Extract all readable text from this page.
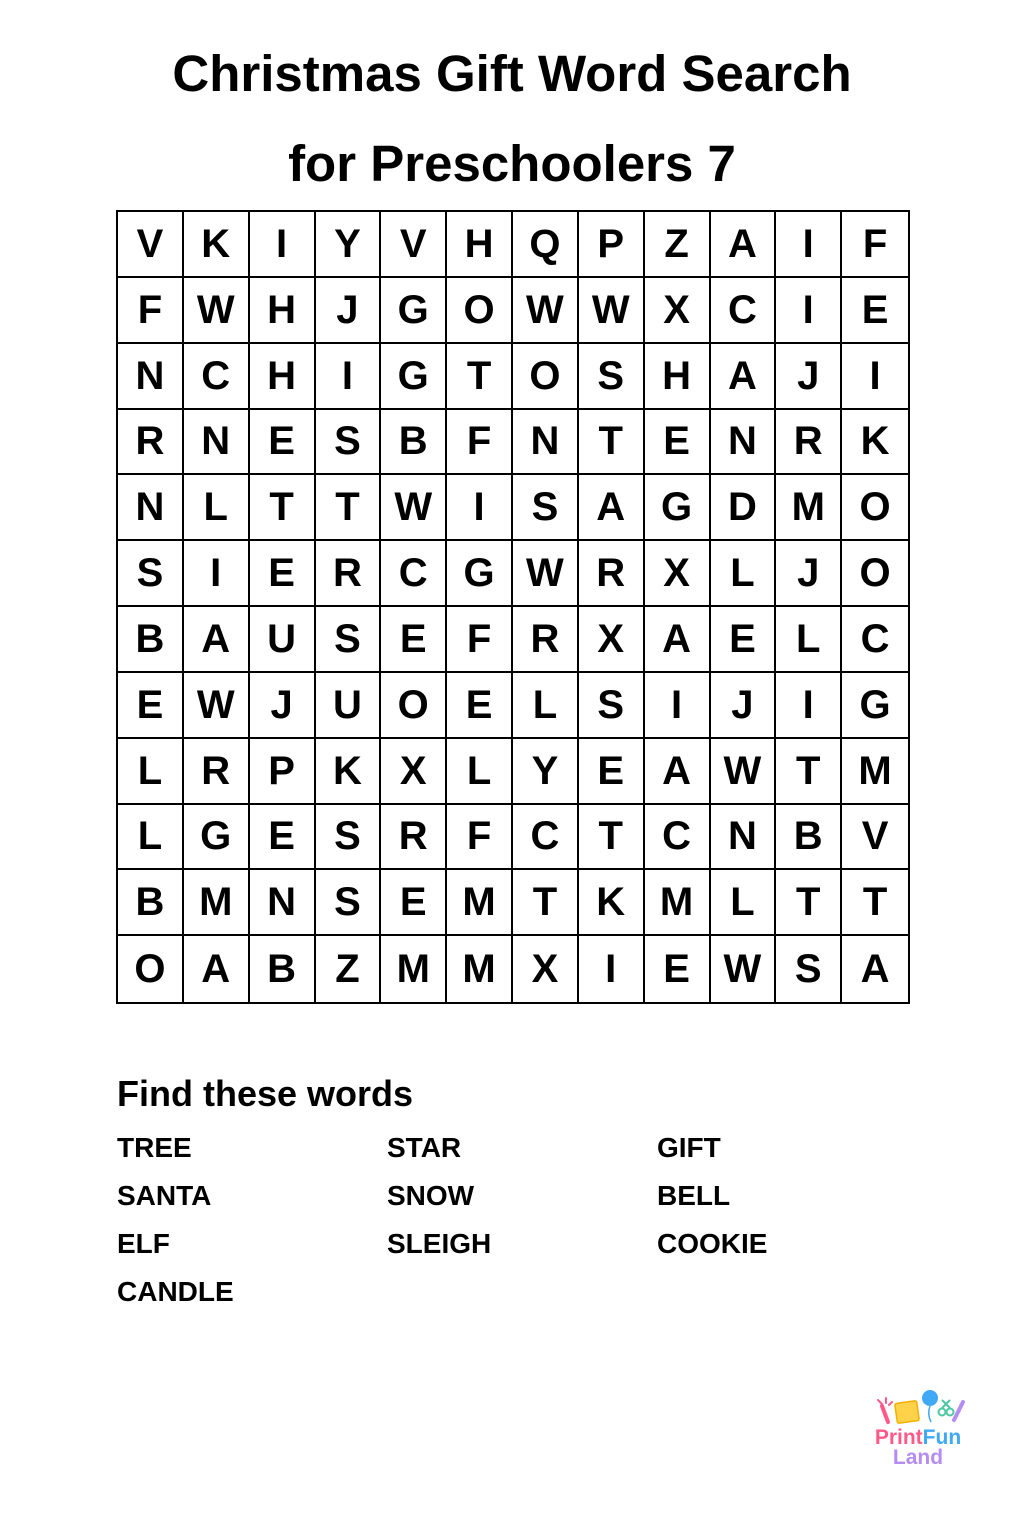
Christmas Gift Word Search
for Preschoolers 7
V K	I	Y V H Q P	Z A	I	F
F W H	J G O W W X C	I	E
N C H	I	G T O S H A	J	I
R N E S B F N T	E N R K
N L	T	T W	I	S A G D M O
S	I	E R C G W R X	L	J	O
B A U S E	F R X A E	L	C
E W J	U O E	L	S	I	J	I	G
L R P K X	L	Y E A W T M
L G E S R F C T C N B V
B M N S E M T K M L	T	T
O A B Z M M X	I	E W S A
Find these words
TREE	STAR	GIFT
SANTA	SNOW	BELL
ELF	SLEIGH	COOKIE
CANDLE
PrintFun
Land
